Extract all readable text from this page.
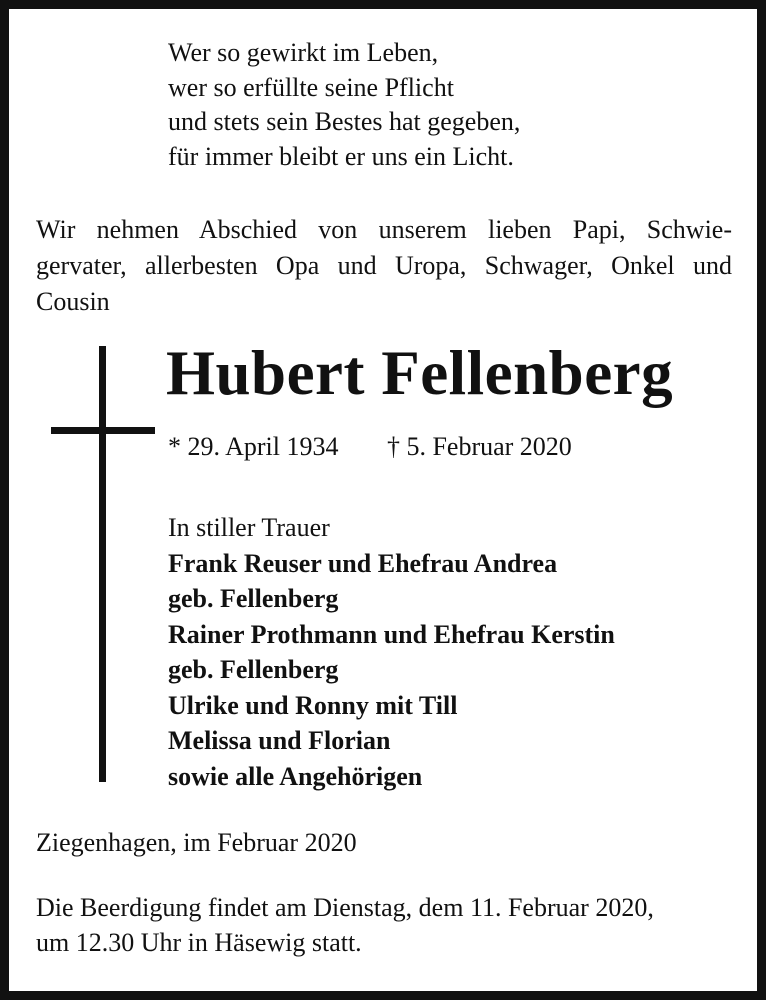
Wer so gewirkt im Leben,
wer so erfüllte seine Pflicht
und stets sein Bestes hat gegeben,
für immer bleibt er uns ein Licht.
Wir nehmen Abschied von unserem lieben Papi, Schwie-
gervater, allerbesten Opa und Uropa, Schwager, Onkel und
Cousin
Hubert Fellenberg
* 29. April 1934 † 5. Februar 2020
In stiller Trauer
Frank Reuser und Ehefrau Andrea
geb. Fellenberg
Rainer Prothmann und Ehefrau Kerstin
geb. Fellenberg
Ulrike und Ronny mit Till
Melissa und Florian
sowie alle Angehörigen
Ziegenhagen, im Februar 2020
Die Beerdigung findet am Dienstag, dem 11. Februar 2020,
um 12.30 Uhr in Häsewig statt.
